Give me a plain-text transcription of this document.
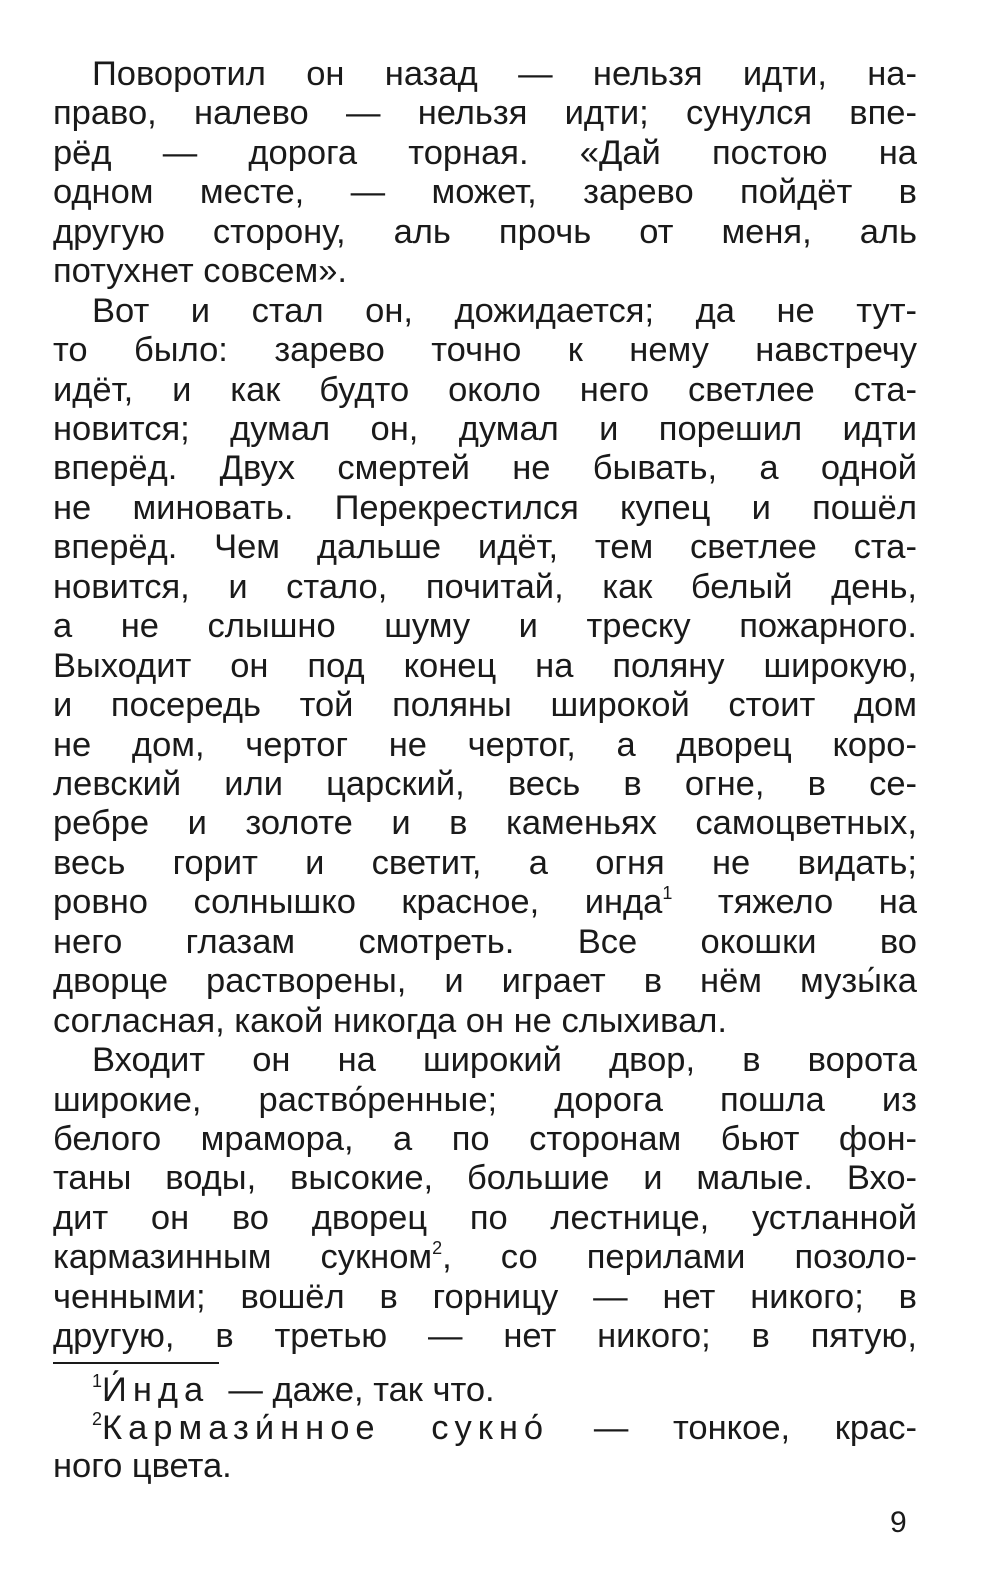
Поворотил он назад — нельзя идти, на-
право, налево — нельзя идти; сунулся впе-
рёд — дорога торная. «Дай постою на
одном месте, — может, зарево пойдёт в
другую сторону, аль прочь от меня, аль
потухнет совсем».
Вот и стал он, дожидается; да не тут-
то было: зарево точно к нему навстречу
идёт, и как будто около него светлее ста-
новится; думал он, думал и порешил идти
вперёд. Двух смертей не бывать, а одной
не миновать. Перекрестился купец и пошёл
вперёд. Чем дальше идёт, тем светлее ста-
новится, и стало, почитай, как белый день,
а не слышно шуму и треску пожарного.
Выходит он под конец на поляну широкую,
и посередь той поляны широкой стоит дом
не дом, чертог не чертог, а дворец коро-
левский или царский, весь в огне, в се-
ребре и золоте и в каменьях самоцветных,
весь горит и светит, а огня не видать;
ровно солнышко красное, инда$^1$ тяжело на
него глазам смотреть. Все окошки во
дворце растворены, и играет в нём музы́ка
согласная, какой никогда он не слыхивал.
Входит он на широкий двор, в ворота
широкие, раство́ренные; дорога пошла из
белого мрамора, а по сторонам бьют фон-
таны воды, высокие, большие и малые. Вхо-
дит он во дворец по лестнице, устланной
кармазинным сукном$^2$, со перилами позоло-
ченными; вошёл в горницу — нет никого; в
другую, в третью — нет никого; в пятую,
$^1$И́нда — даже, так что.
$^2$Кармази́нное сукно́ — тонкое, крас-
ного цвета.
9
